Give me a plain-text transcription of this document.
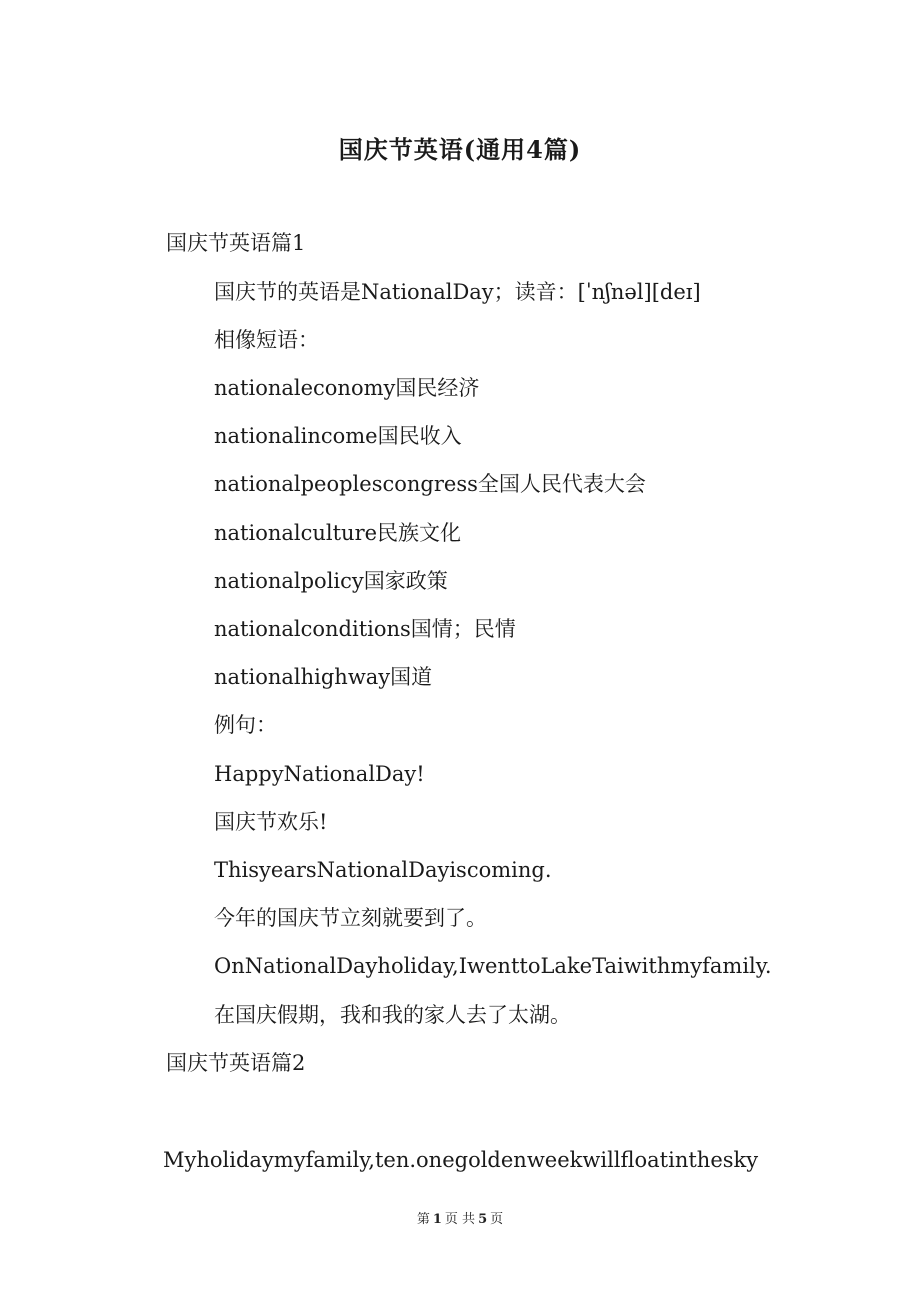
国庆节英语(通用4篇)
国庆节英语篇1
国庆节的英语是NationalDay；读音：[ˈnʃnəl][deɪ]
相像短语：
nationaleconomy国民经济
nationalincome国民收入
nationalpeoplescongress全国人民代表大会
nationalculture民族文化
nationalpolicy国家政策
nationalconditions国情；民情
nationalhighway国道
例句：
HappyNationalDay!
国庆节欢乐!
ThisyearsNationalDayiscoming.
今年的国庆节立刻就要到了。
OnNationalDayholiday,IwenttoLakeTaiwithmyfamily.
在国庆假期，我和我的家人去了太湖。
国庆节英语篇2
Myholidaymyfamily,ten.onegoldenweekwillfloatinthesky
第 1 页 共 5 页
